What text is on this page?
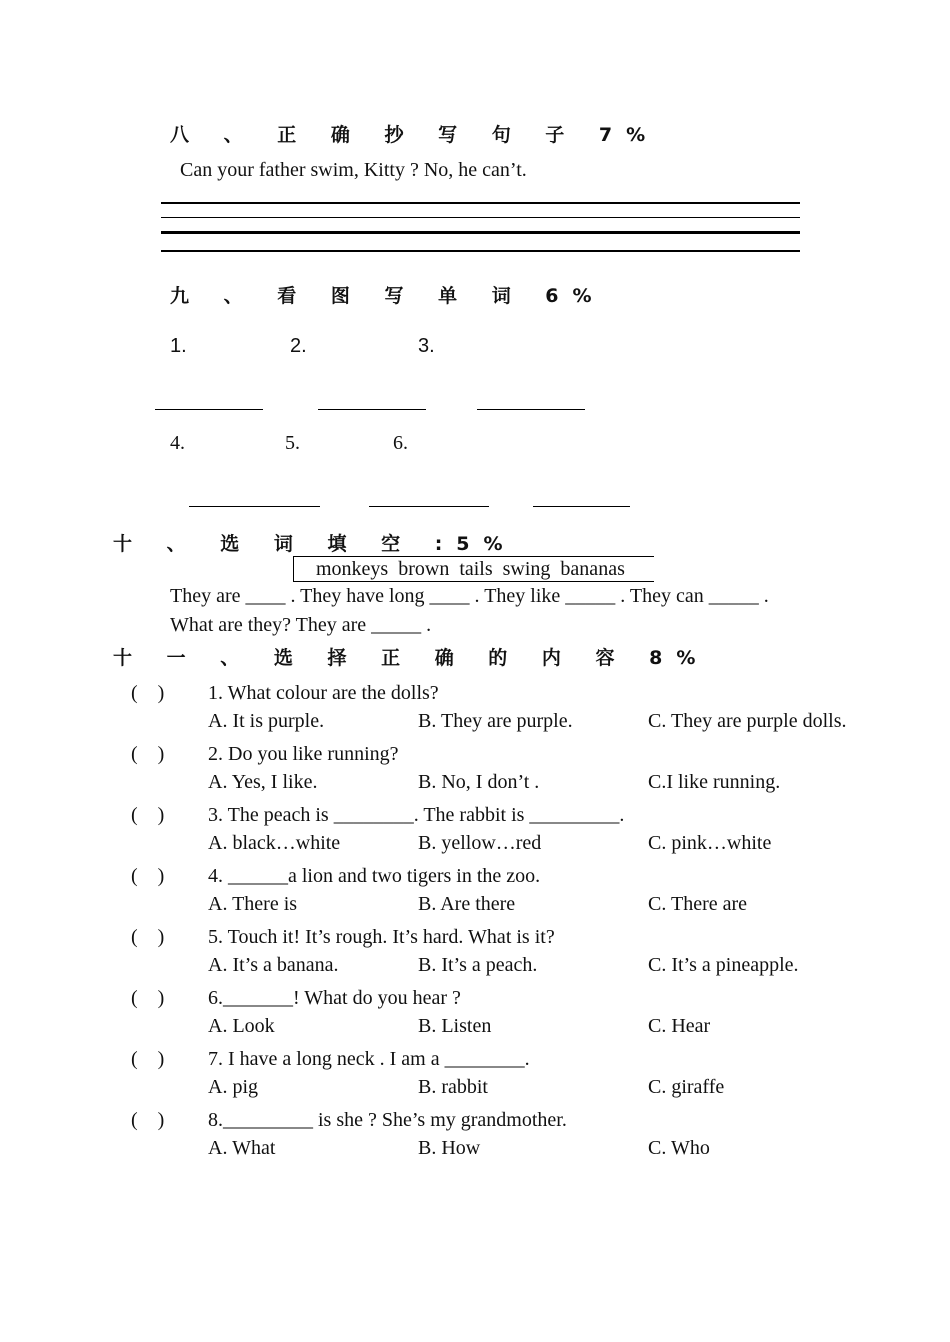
八 、 正 确 抄 写 句 子 7%
Can your father swim, Kitty ? No, he can’t.
九 、 看 图 写 单 词 6%
1.	2.	3.
4.	5.	6.
十 、 选 词 填 空 :5%
monkeys  brown  tails  swing  bananas
They are ____ . They have long ____ . They like _____ . They can _____ .
What are they? They are _____ .
十 一 、 选 择 正 确 的 内 容 8%
(    ) 1. What colour are the dolls?
A. It is purple.	B. They are purple.	C. They are purple dolls.
(    ) 2. Do you like running?
A. Yes, I like.	B. No, I don’t .	C.I like running.
(    ) 3. The peach is ________. The rabbit is _________.
A. black…white	B. yellow…red	C. pink…white
(    ) 4. ______a lion and two tigers in the zoo.
A. There is	B. Are there	C. There are
(    ) 5. Touch it! It’s rough. It’s hard. What is it?
A. It’s a banana.	B. It’s a peach.	C. It’s a pineapple.
(    ) 6._______! What do you hear ?
A. Look	B. Listen	C. Hear
(    ) 7. I have a long neck . I am a ________.
A. pig	B. rabbit	C. giraffe
(    ) 8._________ is she ? She’s my grandmother.
A. What	B. How	C. Who
